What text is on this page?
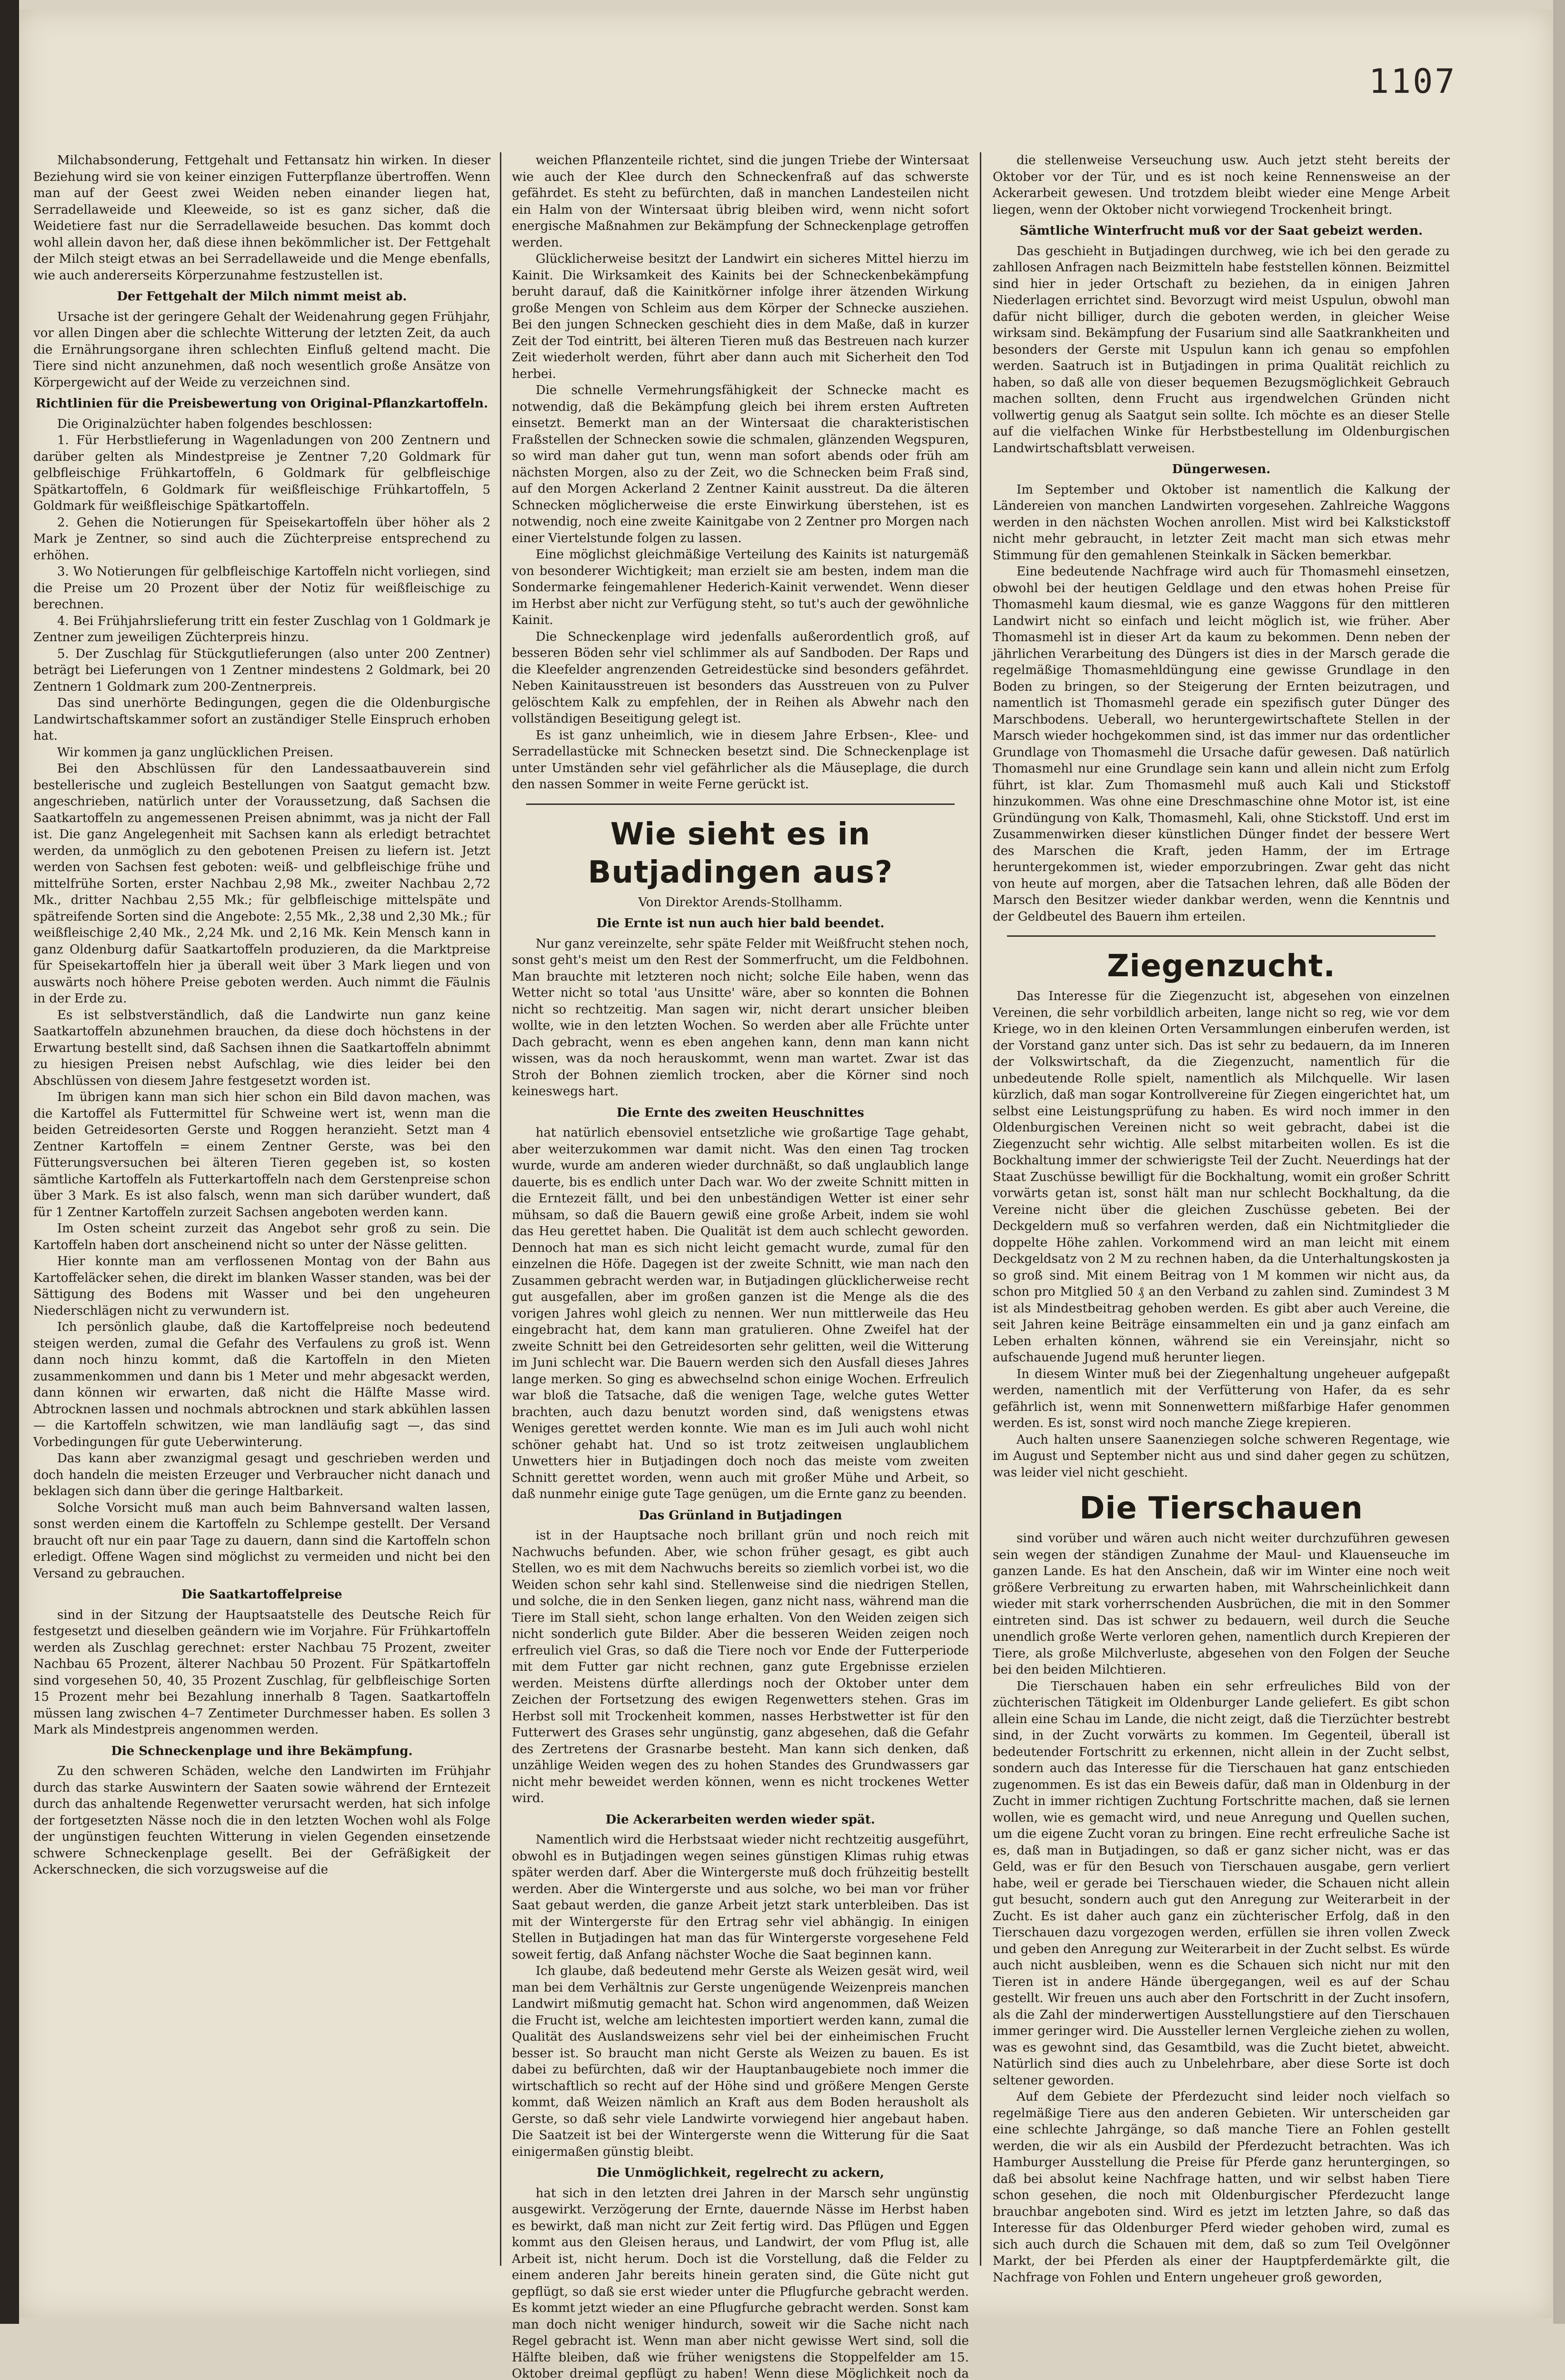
1107

Milchabsonderung, Fettgehalt und Fettansatz hin wirken. In dieser Beziehung wird sie von keiner einzigen Futterpflanze übertroffen. Wenn man auf der Geest zwei Weiden neben einander liegen hat, Serradellaweide und Kleeweide, so ist es ganz sicher, daß die Weidetiere fast nur die Serradellaweide besuchen. Das kommt doch wohl allein davon her, daß diese ihnen bekömmlicher ist. Der Fettgehalt der Milch steigt etwas an bei Serradellaweide und die Menge ebenfalls, wie auch andererseits Körperzunahme festzustellen ist.

Der Fettgehalt der Milch nimmt meist ab.

Ursache ist der geringere Gehalt der Weidenahrung gegen Frühjahr, vor allen Dingen aber die schlechte Witterung der letzten Zeit, da auch die Ernährungsorgane ihren schlechten Einfluß geltend macht. Die Tiere sind nicht anzunehmen, daß noch wesentlich große Ansätze von Körpergewicht auf der Weide zu verzeichnen sind.

Richtlinien für die Preisbewertung von Original-Pflanzkartoffeln.

Die Originalzüchter haben folgendes beschlossen:

1. Für Herbstlieferung in Wagenladungen von 200 Zentnern und darüber gelten als Mindestpreise je Zentner 7,20 Goldmark für gelbfleischige Frühkartoffeln, 6 Goldmark für gelbfleischige Spätkartoffeln, 6 Goldmark für weißfleischige Frühkartoffeln, 5 Goldmark für weißfleischige Spätkartoffeln.

2. Gehen die Notierungen für Speisekartoffeln über höher als 2 Mark je Zentner, so sind auch die Züchterpreise entsprechend zu erhöhen.

3. Wo Notierungen für gelbfleischige Kartoffeln nicht vorliegen, sind die Preise um 20 Prozent über der Notiz für weißfleischige zu berechnen.

4. Bei Frühjahrslieferung tritt ein fester Zuschlag von 1 Goldmark je Zentner zum jeweiligen Züchterpreis hinzu.

5. Der Zuschlag für Stückgutlieferungen (also unter 200 Zentner) beträgt bei Lieferungen von 1 Zentner mindestens 2 Goldmark, bei 20 Zentnern 1 Goldmark zum 200-Zentnerpreis.

Das sind unerhörte Bedingungen, gegen die die Oldenburgische Landwirtschaftskammer sofort an zuständiger Stelle Einspruch erhoben hat.

Wir kommen ja ganz unglücklichen Preisen.

Bei den Abschlüssen für den Landessaatbauverein sind bestellerische und zugleich Bestellungen von Saatgut gemacht bzw. angeschrieben, natürlich unter der Voraussetzung, daß Sachsen die Saatkartoffeln zu angemessenen Preisen abnimmt, was ja nicht der Fall ist. Die ganz Angelegenheit mit Sachsen kann als erledigt betrachtet werden, da unmöglich zu den gebotenen Preisen zu liefern ist. Jetzt werden von Sachsen fest geboten: weiß- und gelbfleischige frühe und mittelfrühe Sorten, erster Nachbau 2,98 Mk., zweiter Nachbau 2,72 Mk., dritter Nachbau 2,55 Mk.; für gelbfleischige mittelspäte und spätreifende Sorten sind die Angebote: 2,55 Mk., 2,38 und 2,30 Mk.; für weißfleischige 2,40 Mk., 2,24 Mk. und 2,16 Mk. Kein Mensch kann in ganz Oldenburg dafür Saatkartoffeln produzieren, da die Marktpreise für Speisekartoffeln hier ja überall weit über 3 Mark liegen und von auswärts noch höhere Preise geboten werden. Auch nimmt die Fäulnis in der Erde zu.

Es ist selbstverständlich, daß die Landwirte nun ganz keine Saatkartoffeln abzunehmen brauchen, da diese doch höchstens in der Erwartung bestellt sind, daß Sachsen ihnen die Saatkartoffeln abnimmt zu hiesigen Preisen nebst Aufschlag, wie dies leider bei den Abschlüssen von diesem Jahre festgesetzt worden ist.

Im übrigen kann man sich hier schon ein Bild davon machen, was die Kartoffel als Futtermittel für Schweine wert ist, wenn man die beiden Getreidesorten Gerste und Roggen heranzieht. Setzt man 4 Zentner Kartoffeln = einem Zentner Gerste, was bei den Fütterungsversuchen bei älteren Tieren gegeben ist, so kosten sämtliche Kartoffeln als Futterkartoffeln nach dem Gerstenpreise schon über 3 Mark. Es ist also falsch, wenn man sich darüber wundert, daß für 1 Zentner Kartoffeln zurzeit Sachsen angeboten werden kann.

Im Osten scheint zurzeit das Angebot sehr groß zu sein. Die Kartoffeln haben dort anscheinend nicht so unter der Nässe gelitten.

Hier konnte man am verflossenen Montag von der Bahn aus Kartoffeläcker sehen, die direkt im blanken Wasser standen, was bei der Sättigung des Bodens mit Wasser und bei den ungeheuren Niederschlägen nicht zu verwundern ist.

Ich persönlich glaube, daß die Kartoffelpreise noch bedeutend steigen werden, zumal die Gefahr des Verfaulens zu groß ist. Wenn dann noch hinzu kommt, daß die Kartoffeln in den Mieten zusammenkommen und dann bis 1 Meter und mehr abgesackt werden, dann können wir erwarten, daß nicht die Hälfte Masse wird. Abtrocknen lassen und nochmals abtrocknen und stark abkühlen lassen — die Kartoffeln schwitzen, wie man landläufig sagt —, das sind Vorbedingungen für gute Ueberwinterung.

Das kann aber zwanzigmal gesagt und geschrieben werden und doch handeln die meisten Erzeuger und Verbraucher nicht danach und beklagen sich dann über die geringe Haltbarkeit.

Solche Vorsicht muß man auch beim Bahnversand walten lassen, sonst werden einem die Kartoffeln zu Schlempe gestellt. Der Versand braucht oft nur ein paar Tage zu dauern, dann sind die Kartoffeln schon erledigt. Offene Wagen sind möglichst zu vermeiden und nicht bei den Versand zu gebrauchen.

Die Saatkartoffelpreise

sind in der Sitzung der Hauptsaatstelle des Deutsche Reich für festgesetzt und dieselben geändern wie im Vorjahre. Für Frühkartoffeln werden als Zuschlag gerechnet: erster Nachbau 75 Prozent, zweiter Nachbau 65 Prozent, älterer Nachbau 50 Prozent. Für Spätkartoffeln sind vorgesehen 50, 40, 35 Prozent Zuschlag, für gelbfleischige Sorten 15 Prozent mehr bei Bezahlung innerhalb 8 Tagen. Saatkartoffeln müssen lang zwischen 4–7 Zentimeter Durchmesser haben. Es sollen 3 Mark als Mindestpreis angenommen werden.

Die Schneckenplage und ihre Bekämpfung.

Zu den schweren Schäden, welche den Landwirten im Frühjahr durch das starke Auswintern der Saaten sowie während der Erntezeit durch das anhaltende Regenwetter verursacht werden, hat sich infolge der fortgesetzten Nässe noch die in den letzten Wochen wohl als Folge der ungünstigen feuchten Witterung in vielen Gegenden einsetzende schwere Schneckenplage gesellt. Bei der Gefräßigkeit der Ackerschnecken, die sich vorzugsweise auf die

weichen Pflanzenteile richtet, sind die jungen Triebe der Wintersaat wie auch der Klee durch den Schneckenfraß auf das schwerste gefährdet. Es steht zu befürchten, daß in manchen Landesteilen nicht ein Halm von der Wintersaat übrig bleiben wird, wenn nicht sofort energische Maßnahmen zur Bekämpfung der Schneckenplage getroffen werden.

Glücklicherweise besitzt der Landwirt ein sicheres Mittel hierzu im Kainit. Die Wirksamkeit des Kainits bei der Schneckenbekämpfung beruht darauf, daß die Kainitkörner infolge ihrer ätzenden Wirkung große Mengen von Schleim aus dem Körper der Schnecke ausziehen. Bei den jungen Schnecken geschieht dies in dem Maße, daß in kurzer Zeit der Tod eintritt, bei älteren Tieren muß das Bestreuen nach kurzer Zeit wiederholt werden, führt aber dann auch mit Sicherheit den Tod herbei.

Die schnelle Vermehrungsfähigkeit der Schnecke macht es notwendig, daß die Bekämpfung gleich bei ihrem ersten Auftreten einsetzt. Bemerkt man an der Wintersaat die charakteristischen Fraßstellen der Schnecken sowie die schmalen, glänzenden Wegspuren, so wird man daher gut tun, wenn man sofort abends oder früh am nächsten Morgen, also zu der Zeit, wo die Schnecken beim Fraß sind, auf den Morgen Ackerland 2 Zentner Kainit ausstreut. Da die älteren Schnecken möglicherweise die erste Einwirkung überstehen, ist es notwendig, noch eine zweite Kainitgabe von 2 Zentner pro Morgen nach einer Viertelstunde folgen zu lassen.

Eine möglichst gleichmäßige Verteilung des Kainits ist naturgemäß von besonderer Wichtigkeit; man erzielt sie am besten, indem man die Sondermarke feingemahlener Hederich-Kainit verwendet. Wenn dieser im Herbst aber nicht zur Verfügung steht, so tut's auch der gewöhnliche Kainit.

Die Schneckenplage wird jedenfalls außerordentlich groß, auf besseren Böden sehr viel schlimmer als auf Sandboden. Der Raps und die Kleefelder angrenzenden Getreidestücke sind besonders gefährdet. Neben Kainitausstreuen ist besonders das Ausstreuen von zu Pulver gelöschtem Kalk zu empfehlen, der in Reihen als Abwehr nach den vollständigen Beseitigung gelegt ist.

Es ist ganz unheimlich, wie in diesem Jahre Erbsen-, Klee- und Serradellastücke mit Schnecken besetzt sind. Die Schneckenplage ist unter Umständen sehr viel gefährlicher als die Mäuseplage, die durch den nassen Sommer in weite Ferne gerückt ist.

Wie sieht es in Butjadingen aus?

Von Direktor Arends-Stollhamm.

Die Ernte ist nun auch hier bald beendet.

Nur ganz vereinzelte, sehr späte Felder mit Weißfrucht stehen noch, sonst geht's meist um den Rest der Sommerfrucht, um die Feldbohnen. Man brauchte mit letzteren noch nicht; solche Eile haben, wenn das Wetter nicht so total 'aus Unsitte' wäre, aber so konnten die Bohnen nicht so rechtzeitig. Man sagen wir, nicht derart unsicher bleiben wollte, wie in den letzten Wochen. So werden aber alle Früchte unter Dach gebracht, wenn es eben angehen kann, denn man kann nicht wissen, was da noch herauskommt, wenn man wartet. Zwar ist das Stroh der Bohnen ziemlich trocken, aber die Körner sind noch keineswegs hart.

Die Ernte des zweiten Heuschnittes

hat natürlich ebensoviel entsetzliche wie großartige Tage gehabt, aber weiterzukommen war damit nicht. Was den einen Tag trocken wurde, wurde am anderen wieder durchnäßt, so daß unglaublich lange dauerte, bis es endlich unter Dach war. Wo der zweite Schnitt mitten in die Erntezeit fällt, und bei den unbeständigen Wetter ist einer sehr mühsam, so daß die Bauern gewiß eine große Arbeit, indem sie wohl das Heu gerettet haben. Die Qualität ist dem auch schlecht geworden. Dennoch hat man es sich nicht leicht gemacht wurde, zumal für den einzelnen die Höfe. Dagegen ist der zweite Schnitt, wie man nach den Zusammen gebracht werden war, in Butjadingen glücklicherweise recht gut ausgefallen, aber im großen ganzen ist die Menge als die des vorigen Jahres wohl gleich zu nennen. Wer nun mittlerweile das Heu eingebracht hat, dem kann man gratulieren. Ohne Zweifel hat der zweite Schnitt bei den Getreidesorten sehr gelitten, weil die Witterung im Juni schlecht war. Die Bauern werden sich den Ausfall dieses Jahres lange merken. So ging es abwechselnd schon einige Wochen. Erfreulich war bloß die Tatsache, daß die wenigen Tage, welche gutes Wetter brachten, auch dazu benutzt worden sind, daß wenigstens etwas Weniges gerettet werden konnte. Wie man es im Juli auch wohl nicht schöner gehabt hat. Und so ist trotz zeitweisen unglaublichem Unwetters hier in Butjadingen doch noch das meiste vom zweiten Schnitt gerettet worden, wenn auch mit großer Mühe und Arbeit, so daß nunmehr einige gute Tage genügen, um die Ernte ganz zu beenden.

Das Grünland in Butjadingen

ist in der Hauptsache noch brillant grün und noch reich mit Nachwuchs befunden. Aber, wie schon früher gesagt, es gibt auch Stellen, wo es mit dem Nachwuchs bereits so ziemlich vorbei ist, wo die Weiden schon sehr kahl sind. Stellenweise sind die niedrigen Stellen, und solche, die in den Senken liegen, ganz nicht nass, während man die Tiere im Stall sieht, schon lange erhalten. Von den Weiden zeigen sich nicht sonderlich gute Bilder. Aber die besseren Weiden zeigen noch erfreulich viel Gras, so daß die Tiere noch vor Ende der Futterperiode mit dem Futter gar nicht rechnen, ganz gute Ergebnisse erzielen werden. Meistens dürfte allerdings noch der Oktober unter dem Zeichen der Fortsetzung des ewigen Regenwetters stehen. Gras im Herbst soll mit Trockenheit kommen, nasses Herbstwetter ist für den Futterwert des Grases sehr ungünstig, ganz abgesehen, daß die Gefahr des Zertretens der Grasnarbe besteht. Man kann sich denken, daß unzählige Weiden wegen des zu hohen Standes des Grundwassers gar nicht mehr beweidet werden können, wenn es nicht trockenes Wetter wird.

Die Ackerarbeiten werden wieder spät.

Namentlich wird die Herbstsaat wieder nicht rechtzeitig ausgeführt, obwohl es in Butjadingen wegen seines günstigen Klimas ruhig etwas später werden darf. Aber die Wintergerste muß doch frühzeitig bestellt werden. Aber die Wintergerste und aus solche, wo bei man vor früher Saat gebaut werden, die ganze Arbeit jetzt stark unterbleiben. Das ist mit der Wintergerste für den Ertrag sehr viel abhängig. In einigen Stellen in Butjadingen hat man das für Wintergerste vorgesehene Feld soweit fertig, daß Anfang nächster Woche die Saat beginnen kann.

Ich glaube, daß bedeutend mehr Gerste als Weizen gesät wird, weil man bei dem Verhältnis zur Gerste ungenügende Weizenpreis manchen Landwirt mißmutig gemacht hat. Schon wird angenommen, daß Weizen die Frucht ist, welche am leichtesten importiert werden kann, zumal die Qualität des Auslandsweizens sehr viel bei der einheimischen Frucht besser ist. So braucht man nicht Gerste als Weizen zu bauen. Es ist dabei zu befürchten, daß wir der Hauptanbaugebiete noch immer die wirtschaftlich so recht auf der Höhe sind und größere Mengen Gerste kommt, daß Weizen nämlich an Kraft aus dem Boden herausholt als Gerste, so daß sehr viele Landwirte vorwiegend hier angebaut haben. Die Saatzeit ist bei der Wintergerste wenn die Witterung für die Saat einigermaßen günstig bleibt.

Die Unmöglichkeit, regelrecht zu ackern,

hat sich in den letzten drei Jahren in der Marsch sehr ungünstig ausgewirkt. Verzögerung der Ernte, dauernde Nässe im Herbst haben es bewirkt, daß man nicht zur Zeit fertig wird. Das Pflügen und Eggen kommt aus den Gleisen heraus, und Landwirt, der vom Pflug ist, alle Arbeit ist, nicht herum. Doch ist die Vorstellung, daß die Felder zu einem anderen Jahr bereits hinein geraten sind, die Güte nicht gut gepflügt, so daß sie erst wieder unter die Pflugfurche gebracht werden. Es kommt jetzt wieder an eine Pflugfurche gebracht werden. Sonst kam man doch nicht weniger hindurch, soweit wir die Sache nicht nach Regel gebracht ist. Wenn man aber nicht gewisse Wert sind, soll die Hälfte bleiben, daß wie früher wenigstens die Stoppelfelder am 15. Oktober dreimal gepflügt zu haben! Wenn diese Möglichkeit noch da

die stellenweise Verseuchung usw. Auch jetzt steht bereits der Oktober vor der Tür, und es ist noch keine Rennensweise an der Ackerarbeit gewesen. Und trotzdem bleibt wieder eine Menge Arbeit liegen, wenn der Oktober nicht vorwiegend Trockenheit bringt.

Sämtliche Winterfrucht muß vor der Saat gebeizt werden.

Das geschieht in Butjadingen durchweg, wie ich bei den gerade zu zahllosen Anfragen nach Beizmitteln habe feststellen können. Beizmittel sind hier in jeder Ortschaft zu beziehen, da in einigen Jahren Niederlagen errichtet sind. Bevorzugt wird meist Uspulun, obwohl man dafür nicht billiger, durch die geboten werden, in gleicher Weise wirksam sind. Bekämpfung der Fusarium sind alle Saatkrankheiten und besonders der Gerste mit Uspulun kann ich genau so empfohlen werden. Saatruch ist in Butjadingen in prima Qualität reichlich zu haben, so daß alle von dieser bequemen Bezugsmöglichkeit Gebrauch machen sollten, denn Frucht aus irgendwelchen Gründen nicht vollwertig genug als Saatgut sein sollte. Ich möchte es an dieser Stelle auf die vielfachen Winke für Herbstbestellung im Oldenburgischen Landwirtschaftsblatt verweisen.

Düngerwesen.

Im September und Oktober ist namentlich die Kalkung der Ländereien von manchen Landwirten vorgesehen. Zahlreiche Waggons werden in den nächsten Wochen anrollen. Mist wird bei Kalkstickstoff nicht mehr gebraucht, in letzter Zeit macht man sich etwas mehr Stimmung für den gemahlenen Steinkalk in Säcken bemerkbar.

Eine bedeutende Nachfrage wird auch für Thomasmehl einsetzen, obwohl bei der heutigen Geldlage und den etwas hohen Preise für Thomasmehl kaum diesmal, wie es ganze Waggons für den mittleren Landwirt nicht so einfach und leicht möglich ist, wie früher. Aber Thomasmehl ist in dieser Art da kaum zu bekommen. Denn neben der jährlichen Verarbeitung des Düngers ist dies in der Marsch gerade die regelmäßige Thomasmehldüngung eine gewisse Grundlage in den Boden zu bringen, so der Steigerung der Ernten beizutragen, und namentlich ist Thomasmehl gerade ein spezifisch guter Dünger des Marschbodens. Ueberall, wo heruntergewirtschaftete Stellen in der Marsch wieder hochgekommen sind, ist das immer nur das ordentlicher Grundlage von Thomasmehl die Ursache dafür gewesen. Daß natürlich Thomasmehl nur eine Grundlage sein kann und allein nicht zum Erfolg führt, ist klar. Zum Thomasmehl muß auch Kali und Stickstoff hinzukommen. Was ohne eine Dreschmaschine ohne Motor ist, ist eine Gründüngung von Kalk, Thomasmehl, Kali, ohne Stickstoff. Und erst im Zusammenwirken dieser künstlichen Dünger findet der bessere Wert des Marschen die Kraft, jeden Hamm, der im Ertrage heruntergekommen ist, wieder emporzubringen. Zwar geht das nicht von heute auf morgen, aber die Tatsachen lehren, daß alle Böden der Marsch den Besitzer wieder dankbar werden, wenn die Kenntnis und der Geldbeutel des Bauern ihm erteilen.

Ziegenzucht.

Das Interesse für die Ziegenzucht ist, abgesehen von einzelnen Vereinen, die sehr vorbildlich arbeiten, lange nicht so reg, wie vor dem Kriege, wo in den kleinen Orten Versammlungen einberufen werden, ist der Vorstand ganz unter sich. Das ist sehr zu bedauern, da im Inneren der Volkswirtschaft, da die Ziegenzucht, namentlich für die unbedeutende Rolle spielt, namentlich als Milchquelle. Wir lasen kürzlich, daß man sogar Kontrollvereine für Ziegen eingerichtet hat, um selbst eine Leistungsprüfung zu haben. Es wird noch immer in den Oldenburgischen Vereinen nicht so weit gebracht, dabei ist die Ziegenzucht sehr wichtig. Alle selbst mitarbeiten wollen. Es ist die Bockhaltung immer der schwierigste Teil der Zucht. Neuerdings hat der Staat Zuschüsse bewilligt für die Bockhaltung, womit ein großer Schritt vorwärts getan ist, sonst hält man nur schlecht Bockhaltung, da die Vereine nicht über die gleichen Zuschüsse gebeten. Bei der Deckgeldern muß so verfahren werden, daß ein Nichtmitglieder die doppelte Höhe zahlen. Vorkommend wird an man leicht mit einem Deckgeldsatz von 2 M zu rechnen haben, da die Unterhaltungskosten ja so groß sind. Mit einem Beitrag von 1 M kommen wir nicht aus, da schon pro Mitglied 50 ₰ an den Verband zu zahlen sind. Zumindest 3 M ist als Mindestbeitrag gehoben werden. Es gibt aber auch Vereine, die seit Jahren keine Beiträge einsammelten ein und ja ganz einfach am Leben erhalten können, während sie ein Vereinsjahr, nicht so aufschauende Jugend muß herunter liegen.

In diesem Winter muß bei der Ziegenhaltung ungeheuer aufgepaßt werden, namentlich mit der Verfütterung von Hafer, da es sehr gefährlich ist, wenn mit Sonnenwettern mißfarbige Hafer genommen werden. Es ist, sonst wird noch manche Ziege krepieren.

Auch halten unsere Saanenziegen solche schweren Regentage, wie im August und September nicht aus und sind daher gegen zu schützen, was leider viel nicht geschieht.

Die Tierschauen

sind vorüber und wären auch nicht weiter durchzuführen gewesen sein wegen der ständigen Zunahme der Maul- und Klauenseuche im ganzen Lande. Es hat den Anschein, daß wir im Winter eine noch weit größere Verbreitung zu erwarten haben, mit Wahrscheinlichkeit dann wieder mit stark vorherrschenden Ausbrüchen, die mit in den Sommer eintreten sind. Das ist schwer zu bedauern, weil durch die Seuche unendlich große Werte verloren gehen, namentlich durch Krepieren der Tiere, als große Milchverluste, abgesehen von den Folgen der Seuche bei den beiden Milchtieren.

Die Tierschauen haben ein sehr erfreuliches Bild von der züchterischen Tätigkeit im Oldenburger Lande geliefert. Es gibt schon allein eine Schau im Lande, die nicht zeigt, daß die Tierzüchter bestrebt sind, in der Zucht vorwärts zu kommen. Im Gegenteil, überall ist bedeutender Fortschritt zu erkennen, nicht allein in der Zucht selbst, sondern auch das Interesse für die Tierschauen hat ganz entschieden zugenommen. Es ist das ein Beweis dafür, daß man in Oldenburg in der Zucht in immer richtigen Zuchtung Fortschritte machen, daß sie lernen wollen, wie es gemacht wird, und neue Anregung und Quellen suchen, um die eigene Zucht voran zu bringen. Eine recht erfreuliche Sache ist es, daß man in Butjadingen, so daß er ganz sicher nicht, was er das Geld, was er für den Besuch von Tierschauen ausgabe, gern verliert habe, weil er gerade bei Tierschauen wieder, die Schauen nicht allein gut besucht, sondern auch gut den Anregung zur Weiterarbeit in der Zucht. Es ist daher auch ganz ein züchterischer Erfolg, daß in den Tierschauen dazu vorgezogen werden, erfüllen sie ihren vollen Zweck und geben den Anregung zur Weiterarbeit in der Zucht selbst. Es würde auch nicht ausbleiben, wenn es die Schauen sich nicht nur mit den Tieren ist in andere Hände übergegangen, weil es auf der Schau gestellt. Wir freuen uns auch aber den Fortschritt in der Zucht insofern, als die Zahl der minderwertigen Ausstellungstiere auf den Tierschauen immer geringer wird. Die Aussteller lernen Vergleiche ziehen zu wollen, was es gewohnt sind, das Gesamtbild, was die Zucht bietet, abweicht. Natürlich sind dies auch zu Unbelehrbare, aber diese Sorte ist doch seltener geworden.

Auf dem Gebiete der Pferdezucht sind leider noch vielfach so regelmäßige Tiere aus den anderen Gebieten. Wir unterscheiden gar eine schlechte Jahrgänge, so daß manche Tiere an Fohlen gestellt werden, die wir als ein Ausbild der Pferdezucht betrachten. Was ich Hamburger Ausstellung die Preise für Pferde ganz heruntergingen, so daß bei absolut keine Nachfrage hatten, und wir selbst haben Tiere schon gesehen, die noch mit Oldenburgischer Pferdezucht lange brauchbar angeboten sind. Wird es jetzt im letzten Jahre, so daß das Interesse für das Oldenburger Pferd wieder gehoben wird, zumal es sich auch durch die Schauen mit dem, daß so zum Teil Ovelgönner Markt, der bei Pferden als einer der Hauptpferdemärkte gilt, die Nachfrage von Fohlen und Entern ungeheuer groß geworden,
